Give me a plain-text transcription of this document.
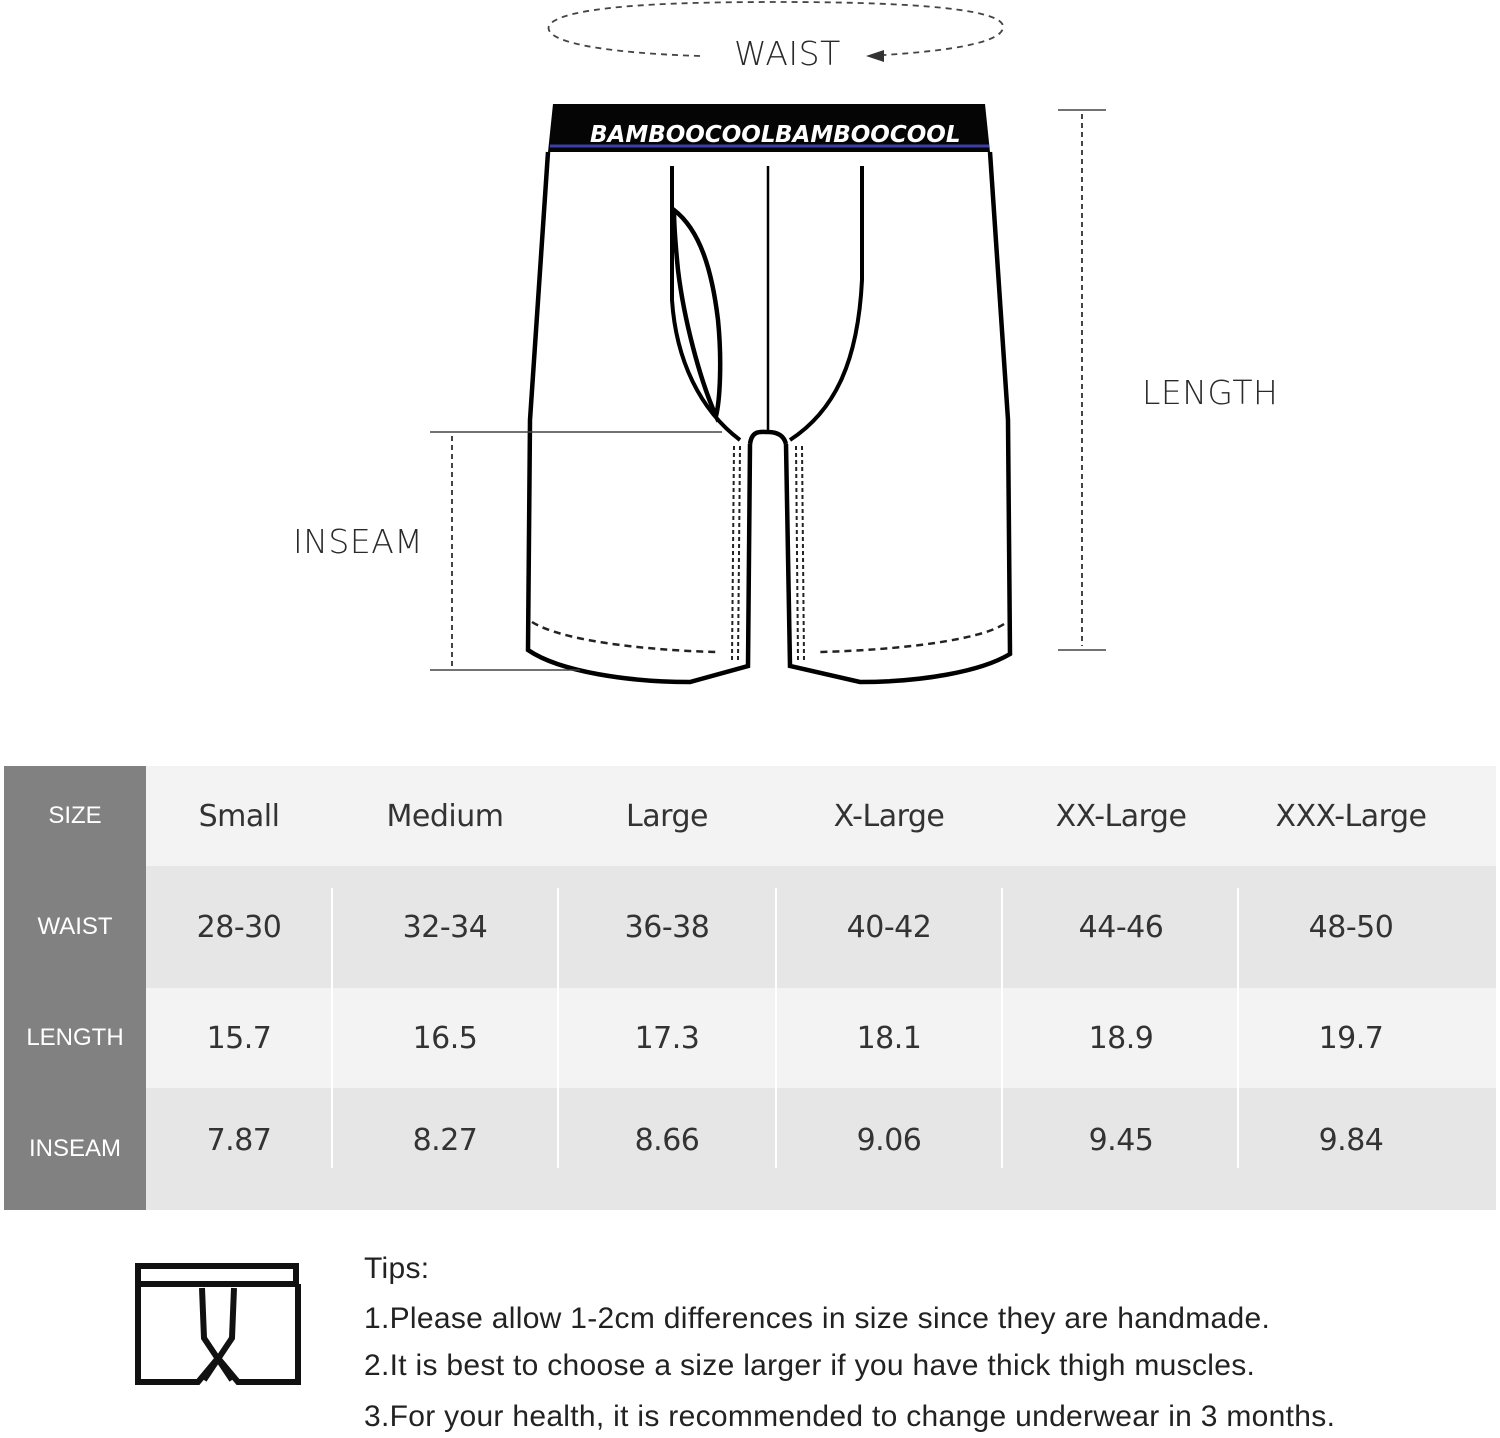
BAMBOOCOOL BAMBOOCOOL
WAIST
LENGTH
INSEAM
SIZE	Small	Medium	Large	X-Large	XX-Large	XXX-Large
WAIST	28-30	32-34	36-38	40-42	44-46	48-50
LENGTH	15.7	16.5	17.3	18.1	18.9	19.7
INSEAM	7.87	8.27	8.66	9.06	9.45	9.84
Tips:
1.Please allow 1-2cm differences in size since they are handmade.
2.It is best to choose a size larger if you have thick thigh muscles.
3.For your health, it is recommended to change underwear in 3 months.
